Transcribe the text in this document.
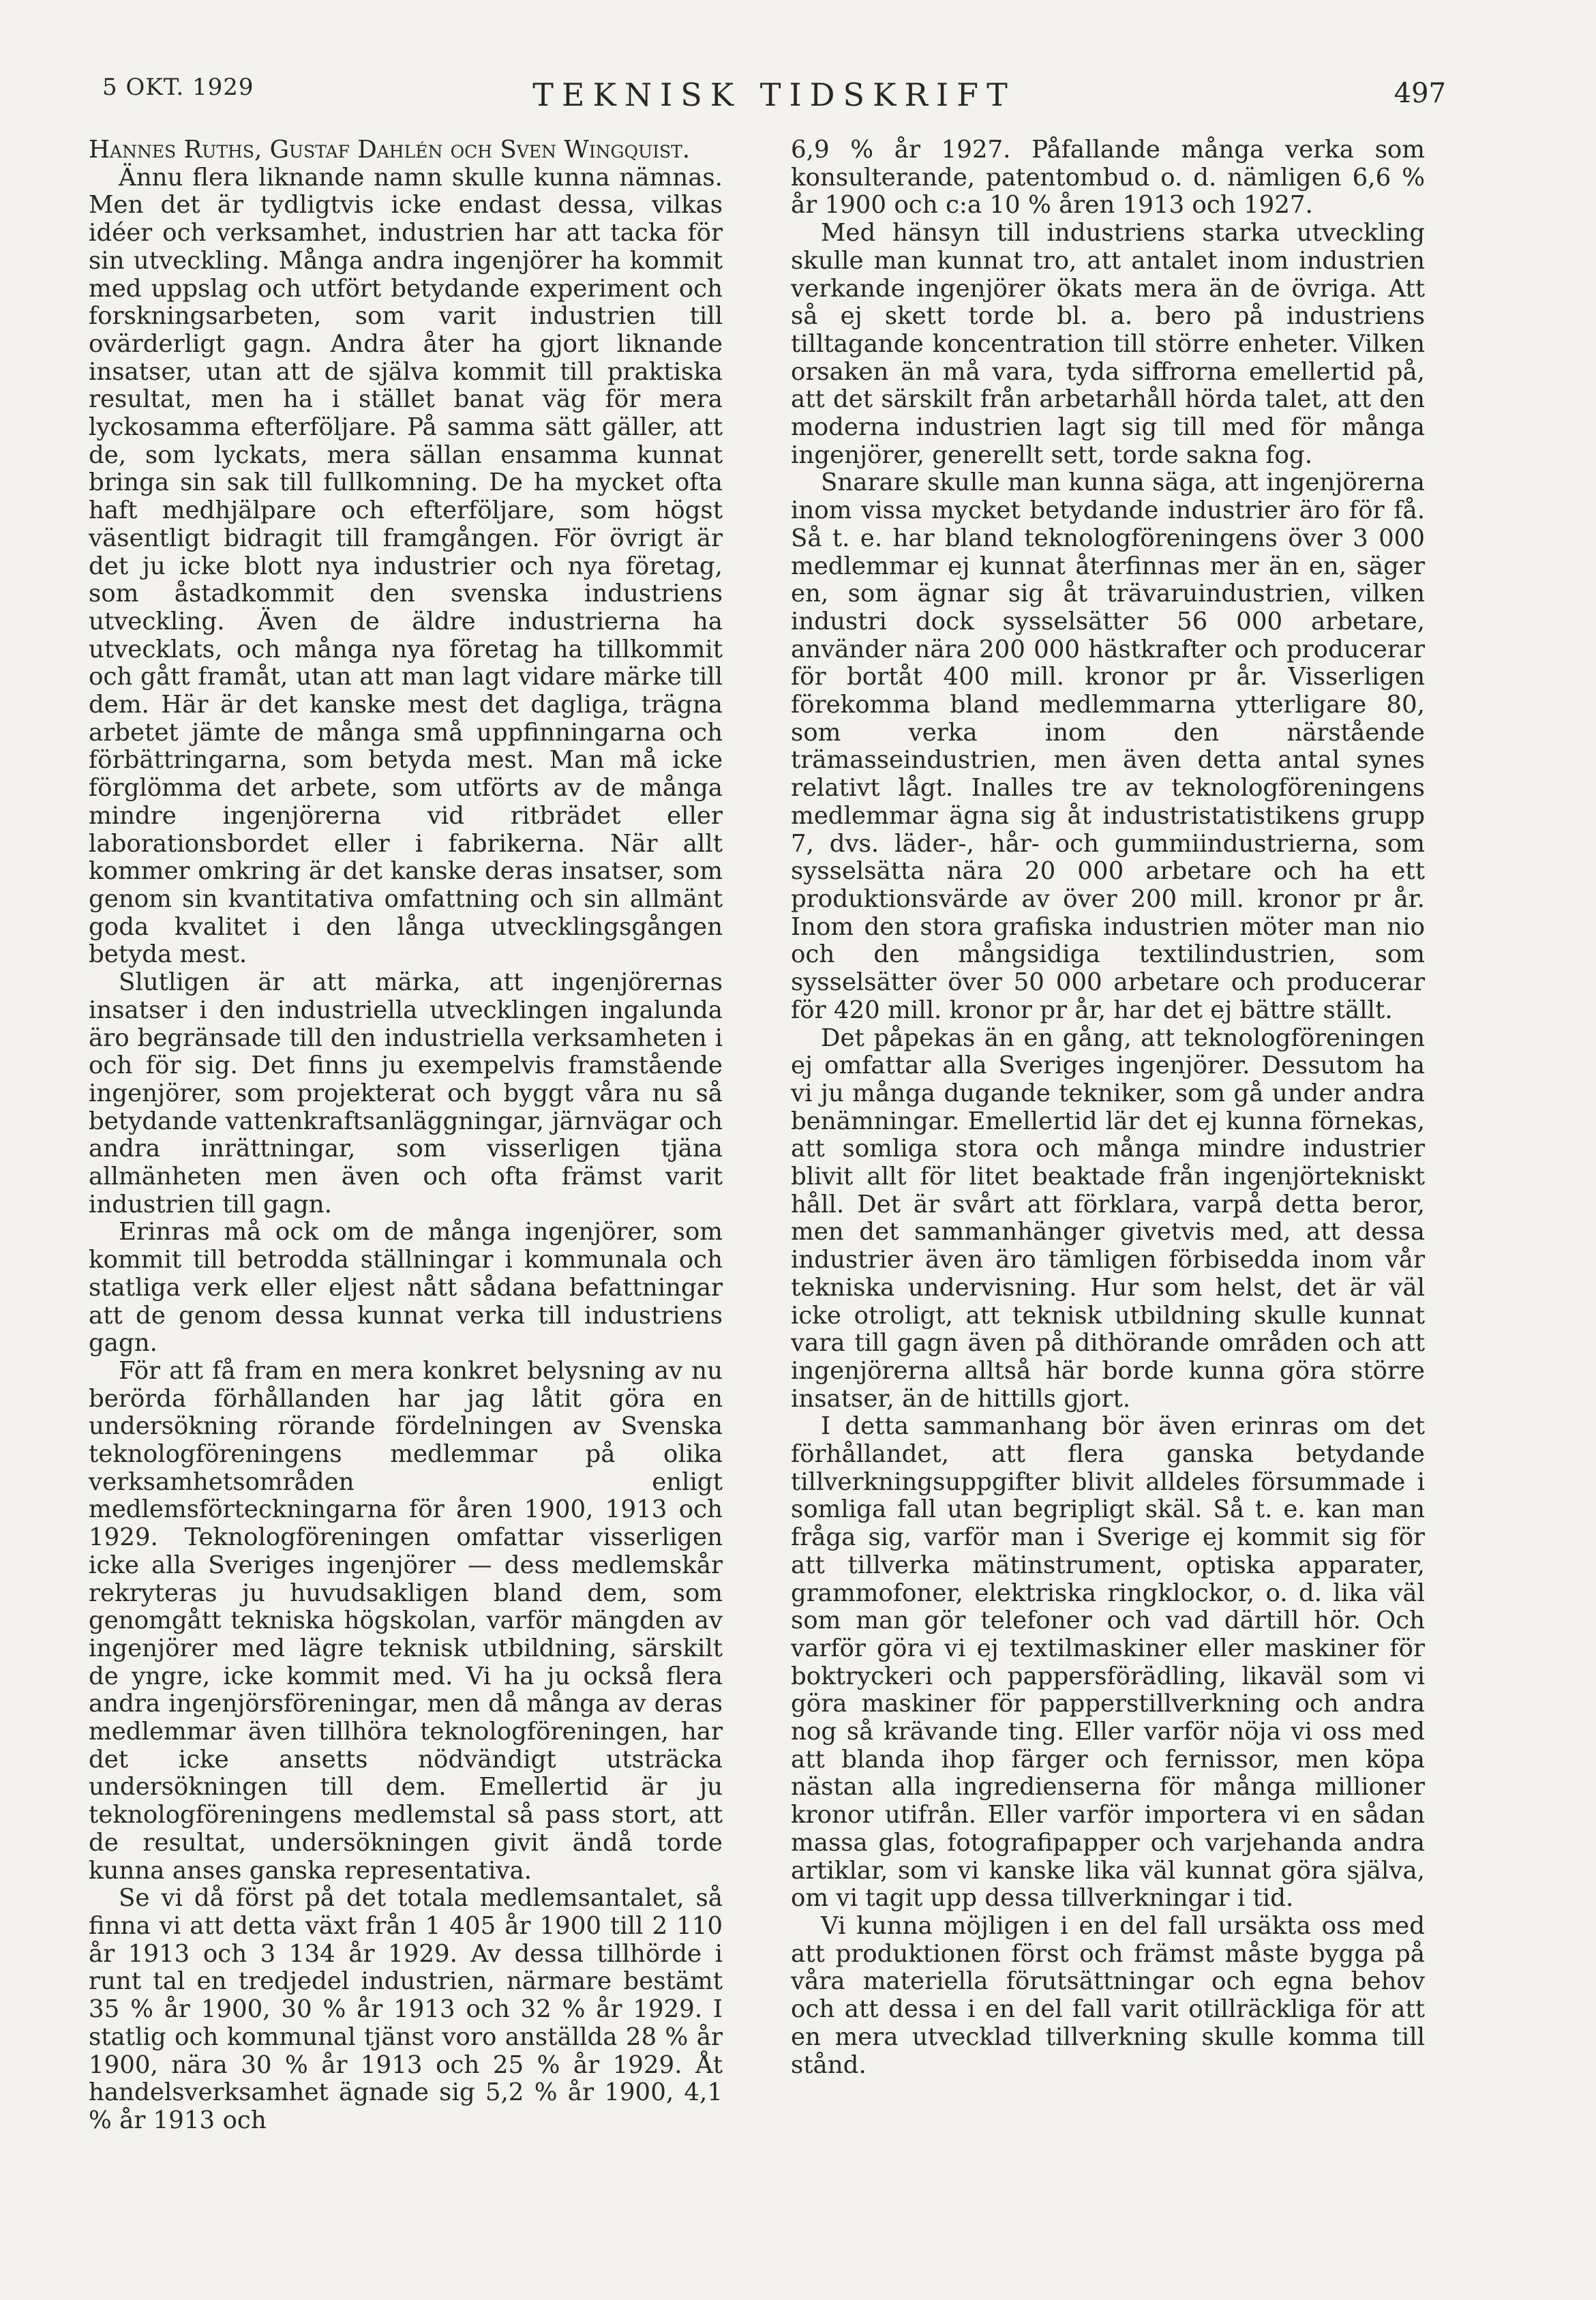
5 OKT. 1929	TEKNISK TIDSKRIFT	497

Hannes Ruths, Gustaf Dahlén och Sven Wingquist.

Ännu flera liknande namn skulle kunna nämnas. Men det är tydligtvis icke endast dessa, vilkas idéer och verksamhet, industrien har att tacka för sin utveckling. Många andra ingenjörer ha kommit med uppslag och utfört betydande experiment och forskningsarbeten, som varit industrien till ovärderligt gagn. Andra åter ha gjort liknande insatser, utan att de själva kommit till praktiska resultat, men ha i stället banat väg för mera lyckosamma efterföljare. På samma sätt gäller, att de, som lyckats, mera sällan ensamma kunnat bringa sin sak till fullkomning. De ha mycket ofta haft medhjälpare och efterföljare, som högst väsentligt bidragit till framgången. För övrigt är det ju icke blott nya industrier och nya företag, som åstadkommit den svenska industriens utveckling. Även de äldre industrierna ha utvecklats, och många nya företag ha tillkommit och gått framåt, utan att man lagt vidare märke till dem. Här är det kanske mest det dagliga, trägna arbetet jämte de många små uppfinningarna och förbättringarna, som betyda mest. Man må icke förglömma det arbete, som utförts av de många mindre ingenjörerna vid ritbrädet eller laborationsbordet eller i fabrikerna. När allt kommer omkring är det kanske deras insatser, som genom sin kvantitativa omfattning och sin allmänt goda kvalitet i den långa utvecklingsgången betyda mest.

Slutligen är att märka, att ingenjörernas insatser i den industriella utvecklingen ingalunda äro begränsade till den industriella verksamheten i och för sig. Det finns ju exempelvis framstående ingenjörer, som projekterat och byggt våra nu så betydande vattenkraftsanläggningar, järnvägar och andra inrättningar, som visserligen tjäna allmänheten men även och ofta främst varit industrien till gagn.

Erinras må ock om de många ingenjörer, som kommit till betrodda ställningar i kommunala och statliga verk eller eljest nått sådana befattningar att de genom dessa kunnat verka till industriens gagn.

För att få fram en mera konkret belysning av nu berörda förhållanden har jag låtit göra en undersökning rörande fördelningen av Svenska teknologföreningens medlemmar på olika verksamhetsområden enligt medlemsförteckningarna för åren 1900, 1913 och 1929. Teknologföreningen omfattar visserligen icke alla Sveriges ingenjörer — dess medlemskår rekryteras ju huvudsakligen bland dem, som genomgått tekniska högskolan, varför mängden av ingenjörer med lägre teknisk utbildning, särskilt de yngre, icke kommit med. Vi ha ju också flera andra ingenjörsföreningar, men då många av deras medlemmar även tillhöra teknologföreningen, har det icke ansetts nödvändigt utsträcka undersökningen till dem. Emellertid är ju teknologföreningens medlemstal så pass stort, att de resultat, undersökningen givit ändå torde kunna anses ganska representativa.

Se vi då först på det totala medlemsantalet, så finna vi att detta växt från 1 405 år 1900 till 2 110 år 1913 och 3 134 år 1929. Av dessa tillhörde i runt tal en tredjedel industrien, närmare bestämt 35 % år 1900, 30 % år 1913 och 32 % år 1929. I statlig och kommunal tjänst voro anställda 28 % år 1900, nära 30 % år 1913 och 25 % år 1929. Åt handelsverksamhet ägnade sig 5,2 % år 1900, 4,1 % år 1913 och

6,9 % år 1927. Påfallande många verka som konsulterande, patentombud o. d. nämligen 6,6 % år 1900 och c:a 10 % åren 1913 och 1927.

Med hänsyn till industriens starka utveckling skulle man kunnat tro, att antalet inom industrien verkande ingenjörer ökats mera än de övriga. Att så ej skett torde bl. a. bero på industriens tilltagande koncentration till större enheter. Vilken orsaken än må vara, tyda siffrorna emellertid på, att det särskilt från arbetarhåll hörda talet, att den moderna industrien lagt sig till med för många ingenjörer, generellt sett, torde sakna fog.

Snarare skulle man kunna säga, att ingenjörerna inom vissa mycket betydande industrier äro för få. Så t. e. har bland teknologföreningens över 3 000 medlemmar ej kunnat återfinnas mer än en, säger en, som ägnar sig åt trävaruindustrien, vilken industri dock sysselsätter 56 000 arbetare, använder nära 200 000 hästkrafter och producerar för bortåt 400 mill. kronor pr år. Visserligen förekomma bland medlemmarna ytterligare 80, som verka inom den närstående trämasseindustrien, men även detta antal synes relativt lågt. Inalles tre av teknologföreningens medlemmar ägna sig åt industristatistikens grupp 7, dvs. läder-, hår- och gummiindustrierna, som sysselsätta nära 20 000 arbetare och ha ett produktionsvärde av över 200 mill. kronor pr år. Inom den stora grafiska industrien möter man nio och den mångsidiga textilindustrien, som sysselsätter över 50 000 arbetare och producerar för 420 mill. kronor pr år, har det ej bättre ställt.

Det påpekas än en gång, att teknologföreningen ej omfattar alla Sveriges ingenjörer. Dessutom ha vi ju många dugande tekniker, som gå under andra benämningar. Emellertid lär det ej kunna förnekas, att somliga stora och många mindre industrier blivit allt för litet beaktade från ingenjörtekniskt håll. Det är svårt att förklara, varpå detta beror, men det sammanhänger givetvis med, att dessa industrier även äro tämligen förbisedda inom vår tekniska undervisning. Hur som helst, det är väl icke otroligt, att teknisk utbildning skulle kunnat vara till gagn även på dithörande områden och att ingenjörerna alltså här borde kunna göra större insatser, än de hittills gjort.

I detta sammanhang bör även erinras om det förhållandet, att flera ganska betydande tillverkningsuppgifter blivit alldeles försummade i somliga fall utan begripligt skäl. Så t. e. kan man fråga sig, varför man i Sverige ej kommit sig för att tillverka mätinstrument, optiska apparater, grammofoner, elektriska ringklockor, o. d. lika väl som man gör telefoner och vad därtill hör. Och varför göra vi ej textilmaskiner eller maskiner för boktryckeri och pappersförädling, likaväl som vi göra maskiner för papperstillverkning och andra nog så krävande ting. Eller varför nöja vi oss med att blanda ihop färger och fernissor, men köpa nästan alla ingredienserna för många millioner kronor utifrån. Eller varför importera vi en sådan massa glas, fotografipapper och varjehanda andra artiklar, som vi kanske lika väl kunnat göra själva, om vi tagit upp dessa tillverkningar i tid.

Vi kunna möjligen i en del fall ursäkta oss med att produktionen först och främst måste bygga på våra materiella förutsättningar och egna behov och att dessa i en del fall varit otillräckliga för att en mera utvecklad tillverkning skulle komma till stånd.
